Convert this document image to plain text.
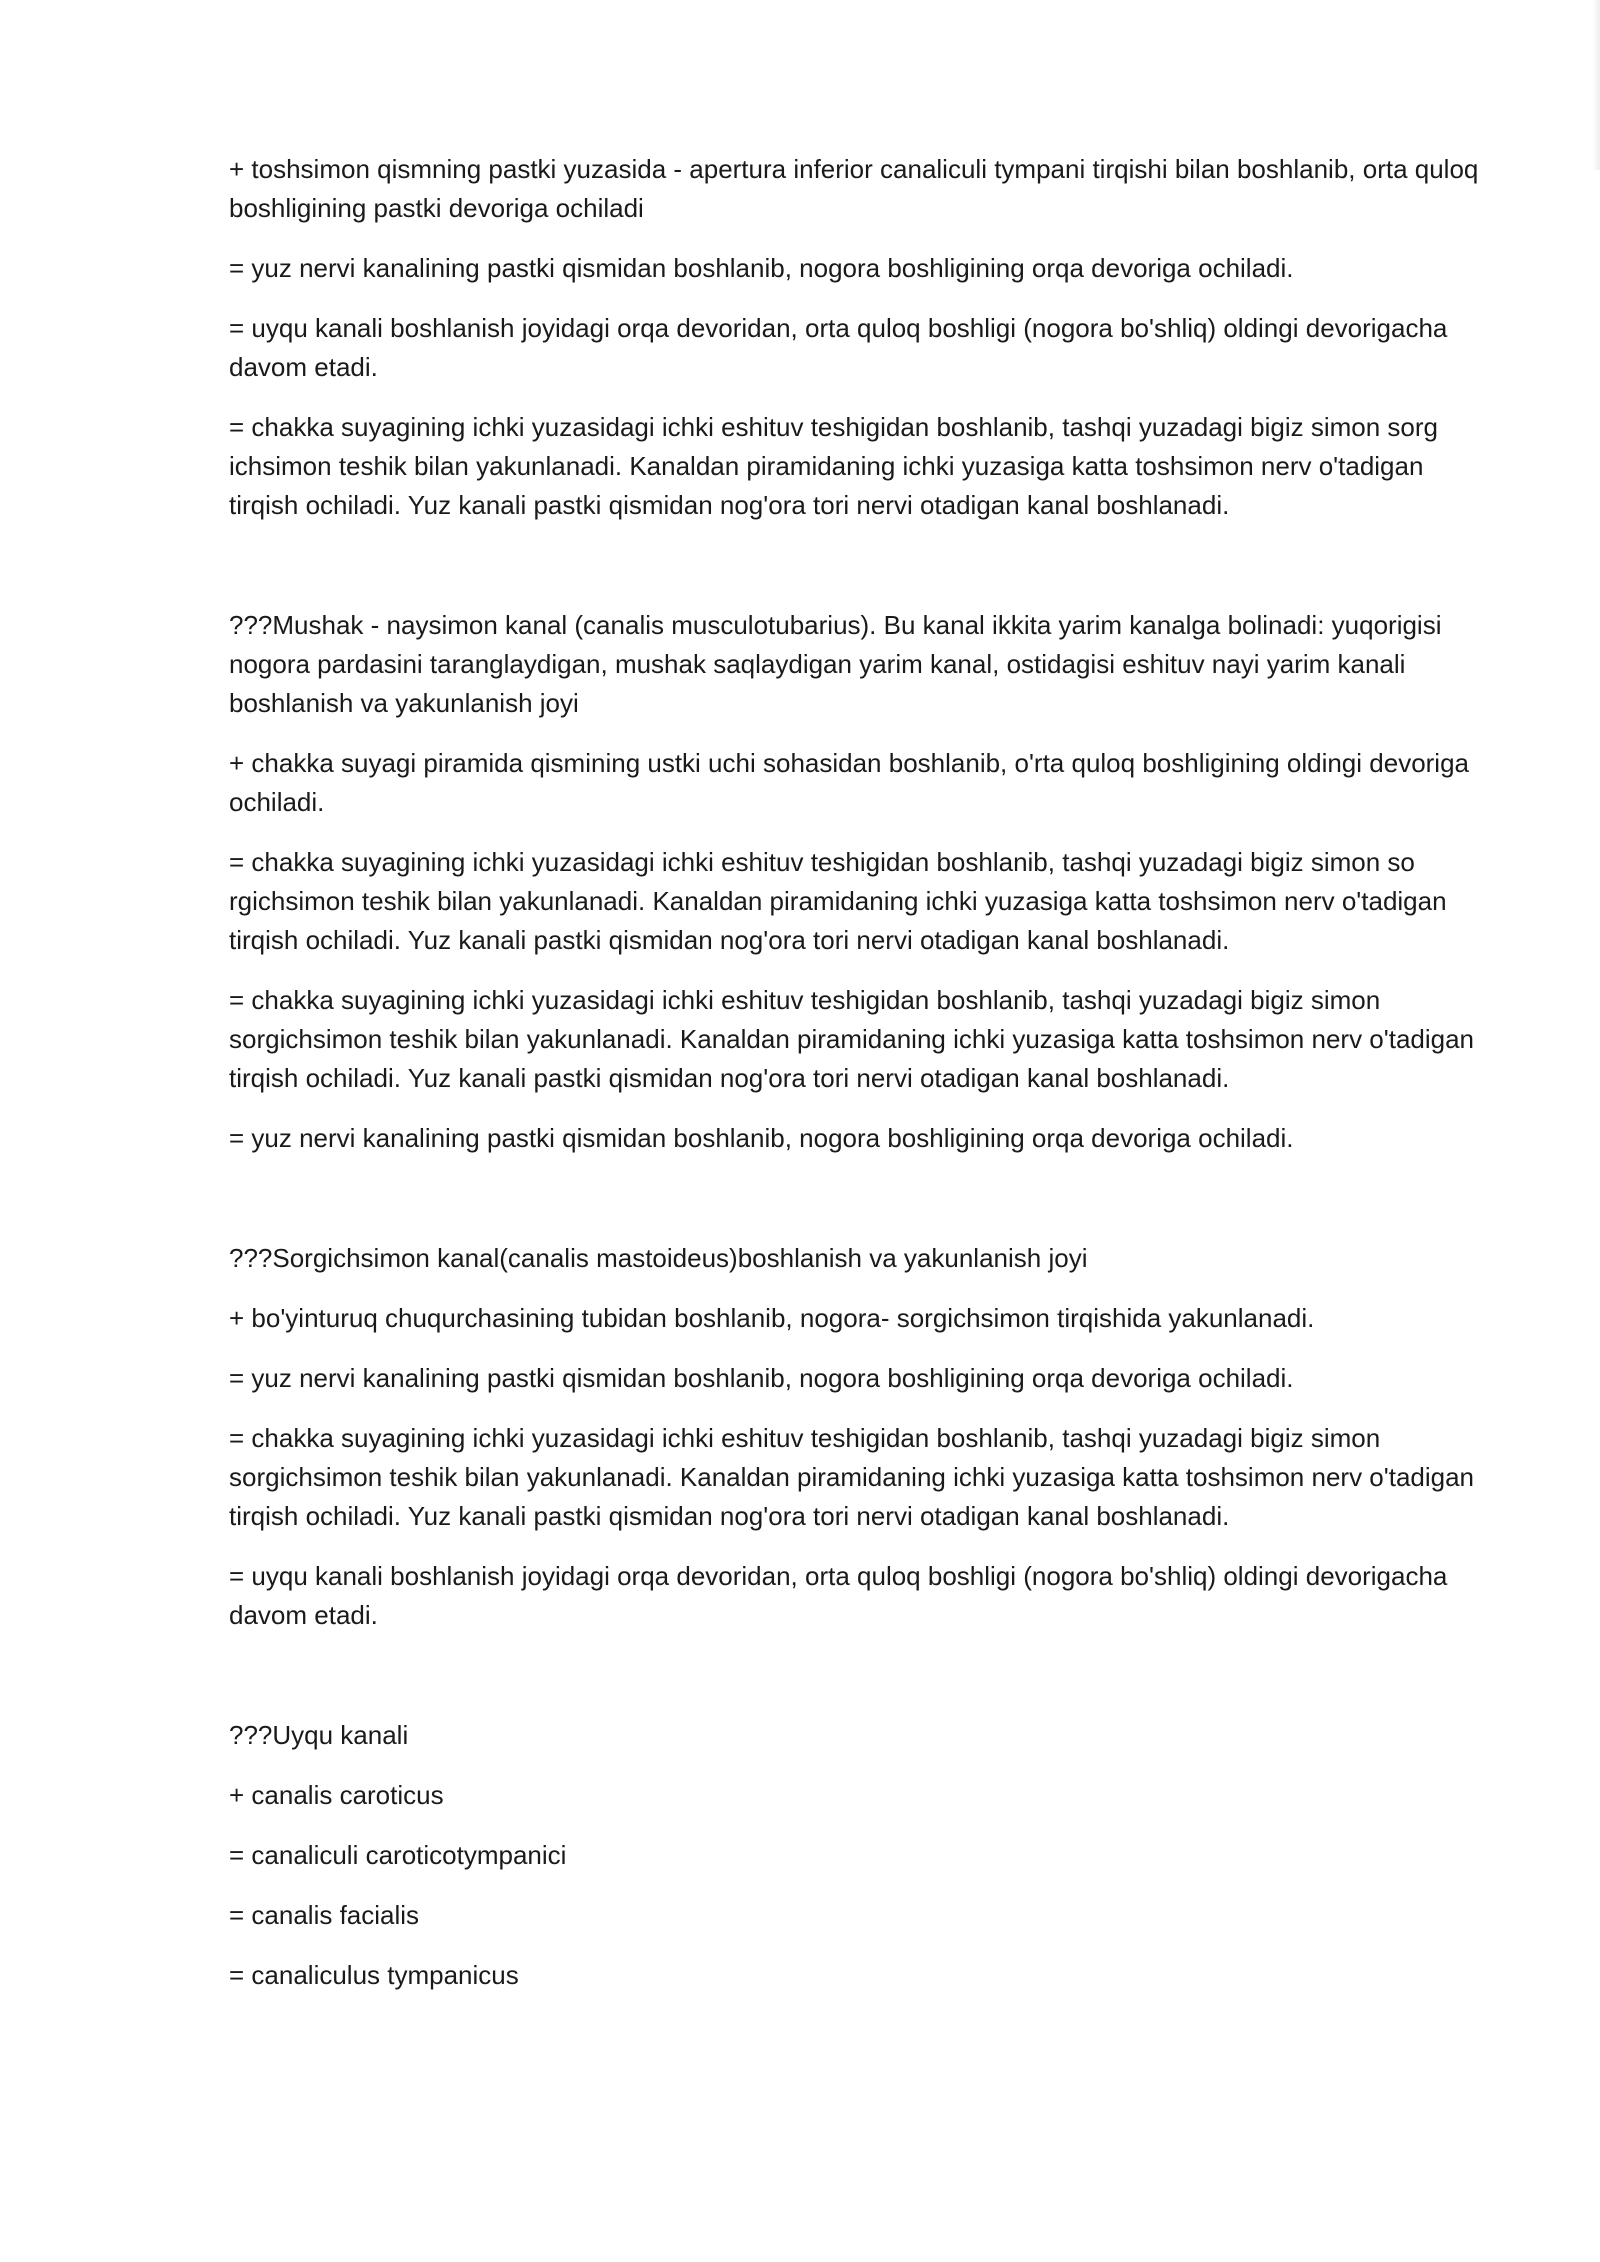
+ toshsimon qismning pastki yuzasida - apertura inferior canaliculi tympani tirqishi bilan boshlanib, orta quloq boshligining pastki devoriga ochiladi

= yuz nervi kanalining pastki qismidan boshlanib, nogora boshligining orqa devoriga ochiladi.

= uyqu kanali boshlanish joyidagi orqa devoridan, orta quloq boshligi (nogora bo'shliq) oldingi devorigacha davom etadi.

= chakka suyagining ichki yuzasidagi ichki eshituv teshigidan boshlanib, tashqi yuzadagi bigiz simon sorg ichsimon teshik bilan yakunlanadi. Kanaldan piramidaning ichki yuzasiga katta toshsimon nerv o'tadigan tirqish ochiladi. Yuz kanali pastki qismidan nog'ora tori nervi otadigan kanal boshlanadi.

???Mushak - naysimon kanal (canalis musculotubarius). Bu kanal ikkita yarim kanalga bolinadi: yuqorigisi nogora pardasini taranglaydigan, mushak saqlaydigan yarim kanal, ostidagisi eshituv nayi yarim kanali boshlanish va yakunlanish joyi

+ chakka suyagi piramida qismining ustki uchi sohasidan boshlanib, o'rta quloq boshligining oldingi devoriga ochiladi.

= chakka suyagining ichki yuzasidagi ichki eshituv teshigidan boshlanib, tashqi yuzadagi bigiz simon so rgichsimon teshik bilan yakunlanadi. Kanaldan piramidaning ichki yuzasiga katta toshsimon nerv o'tadigan tirqish ochiladi. Yuz kanali pastki qismidan nog'ora tori nervi otadigan kanal boshlanadi.

= chakka suyagining ichki yuzasidagi ichki eshituv teshigidan boshlanib, tashqi yuzadagi bigiz simon sorgichsimon teshik bilan yakunlanadi. Kanaldan piramidaning ichki yuzasiga katta toshsimon nerv o'tadigan tirqish ochiladi. Yuz kanali pastki qismidan nog'ora tori nervi otadigan kanal boshlanadi.

= yuz nervi kanalining pastki qismidan boshlanib, nogora boshligining orqa devoriga ochiladi.

???Sorgichsimon kanal(canalis mastoideus)boshlanish va yakunlanish joyi

+ bo'yinturuq chuqurchasining tubidan boshlanib, nogora- sorgichsimon tirqishida yakunlanadi.

= yuz nervi kanalining pastki qismidan boshlanib, nogora boshligining orqa devoriga ochiladi.

= chakka suyagining ichki yuzasidagi ichki eshituv teshigidan boshlanib, tashqi yuzadagi bigiz simon sorgichsimon teshik bilan yakunlanadi. Kanaldan piramidaning ichki yuzasiga katta toshsimon nerv o'tadigan tirqish ochiladi. Yuz kanali pastki qismidan nog'ora tori nervi otadigan kanal boshlanadi.

= uyqu kanali boshlanish joyidagi orqa devoridan, orta quloq boshligi (nogora bo'shliq) oldingi devorigacha davom etadi.

???Uyqu kanali

+ canalis caroticus

= canaliculi caroticotympanici

= canalis facialis

= canaliculus tympanicus
